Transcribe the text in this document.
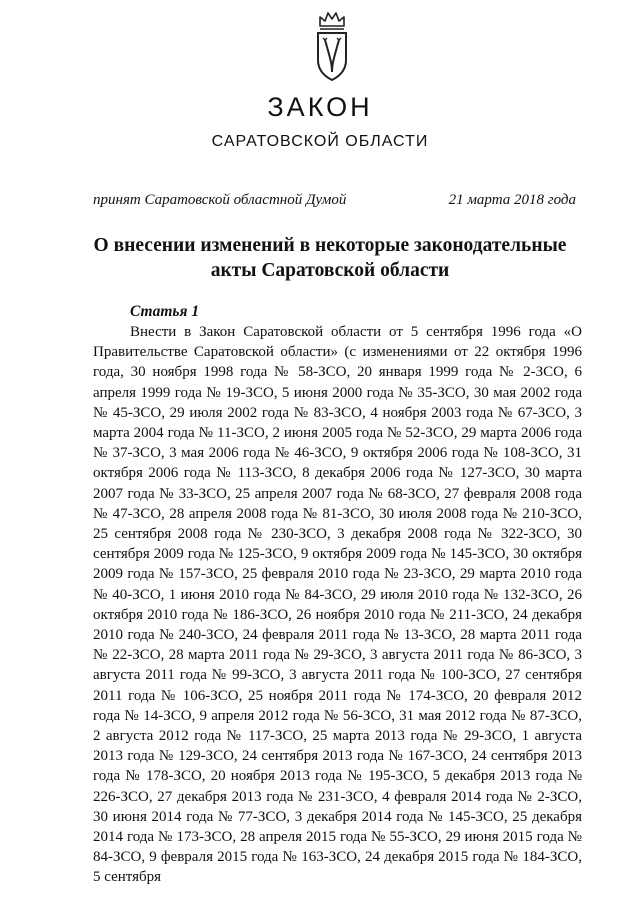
ЗАКОН
САРАТОВСКОЙ ОБЛАСТИ
принят Саратовской областной Думой	21 марта 2018 года
О внесении изменений в некоторые законодательные
акты Саратовской области
Статья 1

Внести в Закон Саратовской области от 5 сентября 1996 года «О Правительстве Саратовской области» (с изменениями от 22 октября 1996 года, 30 ноября 1998 года № 58-ЗСО, 20 января 1999 года № 2-ЗСО, 6 апреля 1999 года № 19-ЗСО, 5 июня 2000 года № 35-ЗСО, 30 мая 2002 года № 45-ЗСО, 29 июля 2002 года № 83-ЗСО, 4 ноября 2003 года № 67-ЗСО, 3 марта 2004 года № 11-ЗСО, 2 июня 2005 года № 52-ЗСО, 29 марта 2006 года № 37-ЗСО, 3 мая 2006 года № 46-ЗСО, 9 октября 2006 года № 108-ЗСО, 31 октября 2006 года № 113-ЗСО, 8 декабря 2006 года № 127-ЗСО, 30 марта 2007 года № 33-ЗСО, 25 апреля 2007 года № 68-ЗСО, 27 февраля 2008 года № 47-ЗСО, 28 апреля 2008 года № 81-ЗСО, 30 июля 2008 года № 210-ЗСО, 25 сентября 2008 года № 230-ЗСО, 3 декабря 2008 года № 322-ЗСО, 30 сентября 2009 года № 125-ЗСО, 9 октября 2009 года № 145-ЗСО, 30 октября 2009 года № 157-ЗСО, 25 февраля 2010 года № 23-ЗСО, 29 марта 2010 года № 40-ЗСО, 1 июня 2010 года № 84-ЗСО, 29 июля 2010 года № 132-ЗСО, 26 октября 2010 года № 186-ЗСО, 26 ноября 2010 года № 211-ЗСО, 24 декабря 2010 года № 240-ЗСО, 24 февраля 2011 года № 13-ЗСО, 28 марта 2011 года № 22-ЗСО, 28 марта 2011 года № 29-ЗСО, 3 августа 2011 года № 86-ЗСО, 3 августа 2011 года № 99-ЗСО, 3 августа 2011 года № 100-ЗСО, 27 сентября 2011 года № 106-ЗСО, 25 ноября 2011 года № 174-ЗСО, 20 февраля 2012 года № 14-ЗСО, 9 апреля 2012 года № 56-ЗСО, 31 мая 2012 года № 87-ЗСО, 2 августа 2012 года № 117-ЗСО, 25 марта 2013 года № 29-ЗСО, 1 августа 2013 года № 129-ЗСО, 24 сентября 2013 года № 167-ЗСО, 24 сентября 2013 года № 178-ЗСО, 20 ноября 2013 года № 195-ЗСО, 5 декабря 2013 года № 226-ЗСО, 27 декабря 2013 года № 231-ЗСО, 4 февраля 2014 года № 2-ЗСО, 30 июня 2014 года № 77-ЗСО, 3 декабря 2014 года № 145-ЗСО, 25 декабря 2014 года № 173-ЗСО, 28 апреля 2015 года № 55-ЗСО, 29 июня 2015 года № 84-ЗСО, 9 февраля 2015 года № 163-ЗСО, 24 декабря 2015 года № 184-ЗСО, 5 сентября
